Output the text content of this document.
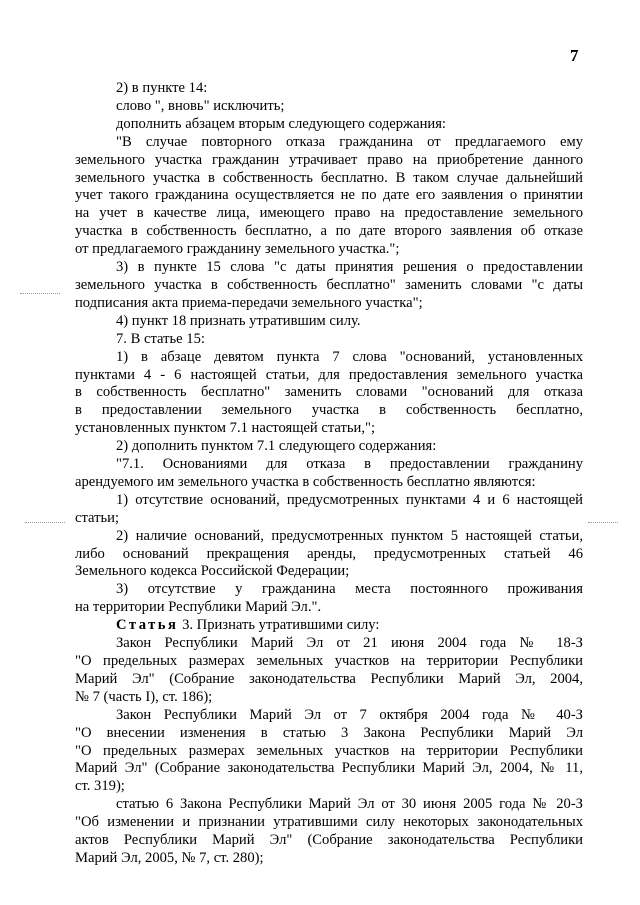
7
2) в пункте 14:
слово ", вновь" исключить;
дополнить абзацем вторым следующего содержания:
"В случае повторного отказа гражданина от предлагаемого ему
земельного участка гражданин утрачивает право на приобретение данного
земельного участка в собственность бесплатно. В таком случае дальнейший
учет такого гражданина осуществляется не по дате его заявления о принятии
на учет в качестве лица, имеющего право на предоставление земельного
участка в собственность бесплатно, а по дате второго заявления об отказе
от предлагаемого гражданину земельного участка.";
3) в пункте 15 слова "с даты принятия решения о предоставлении
земельного участка в собственность бесплатно" заменить словами "с даты
подписания акта приема-передачи земельного участка";
4) пункт 18 признать утратившим силу.
7. В статье 15:
1) в абзаце девятом пункта 7 слова "оснований, установленных
пунктами 4 - 6 настоящей статьи, для предоставления земельного участка
в собственность бесплатно" заменить словами "оснований для отказа
в предоставлении земельного участка в собственность бесплатно,
установленных пунктом 7.1 настоящей статьи,";
2) дополнить пунктом 7.1 следующего содержания:
"7.1. Основаниями для отказа в предоставлении гражданину
арендуемого им земельного участка в собственность бесплатно являются:
1) отсутствие оснований, предусмотренных пунктами 4 и 6 настоящей
статьи;
2) наличие оснований, предусмотренных пунктом 5 настоящей статьи,
либо оснований прекращения аренды, предусмотренных статьей 46
Земельного кодекса Российской Федерации;
3) отсутствие у гражданина места постоянного проживания
на территории Республики Марий Эл.".
Статья 3. Признать утратившими силу:
Закон Республики Марий Эл от 21 июня 2004 года № 18-З
"О предельных размерах земельных участков на территории Республики
Марий Эл" (Собрание законодательства Республики Марий Эл, 2004,
№ 7 (часть I), ст. 186);
Закон Республики Марий Эл от 7 октября 2004 года № 40-З
"О внесении изменения в статью 3 Закона Республики Марий Эл
"О предельных размерах земельных участков на территории Республики
Марий Эл" (Собрание законодательства Республики Марий Эл, 2004, № 11,
ст. 319);
статью 6 Закона Республики Марий Эл от 30 июня 2005 года № 20-З
"Об изменении и признании утратившими силу некоторых законодательных
актов Республики Марий Эл" (Собрание законодательства Республики
Марий Эл, 2005, № 7, ст. 280);
